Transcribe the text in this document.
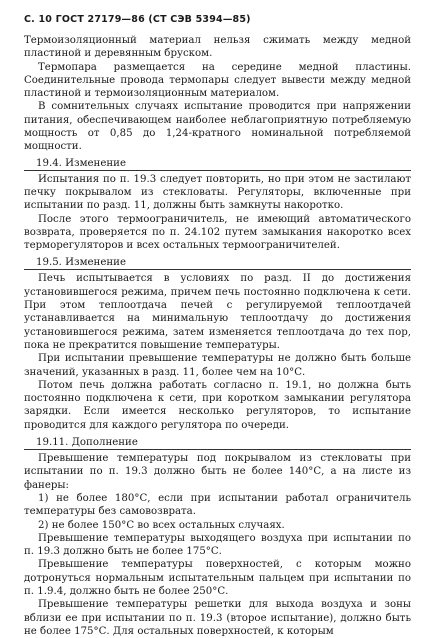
С. 10 ГОСТ 27179—86 (СТ СЭВ 5394—85)

Термоизоляционный материал нельзя сжимать между медной пластиной и деревянным бруском.

Термопара размещается на середине медной пластины. Соединительные провода термопары следует вывести между медной пластиной и термоизоляционным материалом.

В сомнительных случаях испытание проводится при напряжении питания, обеспечивающем наиболее неблагоприятную потребляемую мощность от 0,85 до 1,24-кратного номинальной потребляемой мощности.

19.4. Изменение

Испытания по п. 19.3 следует повторить, но при этом не застилают печку покрывалом из стекловаты. Регуляторы, включенные при испытании по разд. 11, должны быть замкнуты накоротко.

После этого термоограничитель, не имеющий автоматического возврата, проверяется по п. 24.102 путем замыкания накоротко всех терморегуляторов и всех остальных термоограничителей.

19.5. Изменение

Печь испытывается в условиях по разд. II до достижения установившегося режима, причем печь постоянно подключена к сети. При этом теплоотдача печей с регулируемой теплоотдачей устанавливается на минимальную теплоотдачу до достижения установившегося режима, затем изменяется теплоотдача до тех пор, пока не прекратится повышение температуры.

При испытании превышение температуры не должно быть больше значений, указанных в разд. 11, более чем на 10°С.

Потом печь должна работать согласно п. 19.1, но должна быть постоянно подключена к сети, при коротком замыкании регулятора зарядки. Если имеется несколько регуляторов, то испытание проводится для каждого регулятора по очереди.

19.11. Дополнение

Превышение температуры под покрывалом из стекловаты при испытании по п. 19.3 должно быть не более 140°С, а на листе из фанеры:

1) не более 180°С, если при испытании работал ограничитель температуры без самовозврата.

2) не более 150°С во всех остальных случаях.

Превышение температуры выходящего воздуха при испытании по п. 19.3 должно быть не более 175°С.

Превышение температуры поверхностей, с которым можно дотронуться нормальным испытательным пальцем при испытании по п. 1.9.4, должно быть не более 250°С.

Превышение температуры решетки для выхода воздуха и зоны вблизи ее при испытании по п. 19.3 (второе испытание), должно быть не более 175°С. Для остальных поверхностей, к которым
